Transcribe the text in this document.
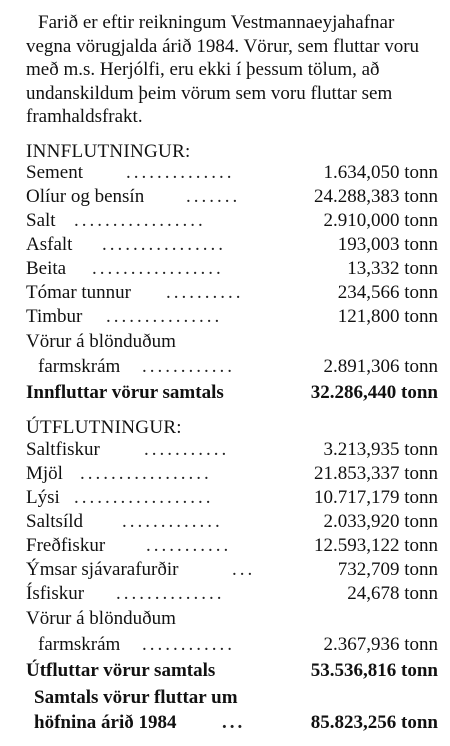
Farið er eftir reikningum Vestmannaeyjahafnar vegna vörugjalda árið 1984. Vörur, sem fluttar voru með m.s. Herjólfi, eru ekki í þessum tölum, að undanskildum þeim vörum sem voru fluttar sem framhaldsfrakt.

INNFLUTNINGUR:
Sement ..............	1.634,050 tonn
Olíur og bensín .......	24.288,383 tonn
Salt .................	2.910,000 tonn
Asfalt ................	193,003 tonn
Beita .................	13,332 tonn
Tómar tunnur ..........	234,566 tonn
Timbur ...............	121,800 tonn
Vörur á blönduðum
farmskrám ............	2.891,306 tonn
Innfluttar vörur samtals	32.286,440 tonn
ÚTFLUTNINGUR:
Saltfiskur ...........	3.213,935 tonn
Mjöl .................	21.853,337 tonn
Lýsi ..................	10.717,179 tonn
Saltsíld .............	2.033,920 tonn
Freðfiskur ...........	12.593,122 tonn
Ýmsar sjávarafurðir	...	732,709 tonn
Ísfiskur ..............	24,678 tonn
Vörur á blönduðum
farmskrám ............	2.367,936 tonn
Útfluttar vörur samtals	53.536,816 tonn
Samtals vörur fluttar um
höfnina árið 1984 ...	85.823,256 tonn
